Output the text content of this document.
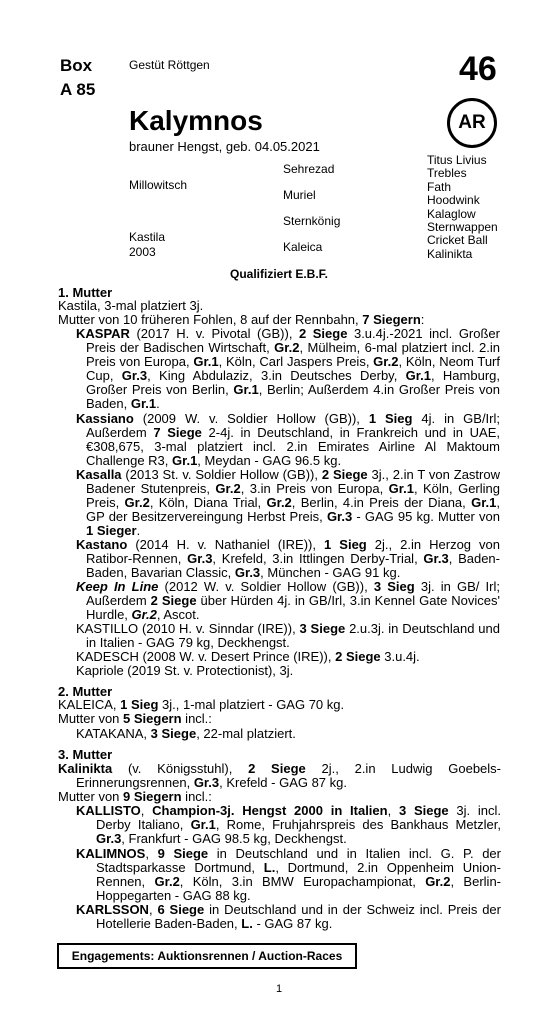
Box
A 85
Gestüt Röttgen	46
AR
Kalymnos
brauner Hengst, geb. 04.05.2021
Millowitsch
Sehrezad
Muriel
Kastila
2003
Sternkönig
Kaleica
Titus Livius
Trebles
Fath
Hoodwink
Kalaglow
Sternwappen
Cricket Ball
Kalinikta
Qualifiziert E.B.F.
1. Mutter
Kastila, 3-mal platziert 3j.
Mutter von 10 früheren Fohlen, 8 auf der Rennbahn, 7 Siegern:
KASPAR (2017 H. v. Pivotal (GB)), 2 Siege 3.u.4j.-2021 incl. Großer Preis der Badischen Wirtschaft, Gr.2, Mülheim, 6-mal platziert incl. 2.in Preis von Europa, Gr.1, Köln, Carl Jaspers Preis, Gr.2, Köln, Neom Turf Cup, Gr.3, King Abdulaziz, 3.in Deutsches Derby, Gr.1, Hamburg, Großer Preis von Berlin, Gr.1, Berlin; Außerdem 4.in Großer Preis von Baden, Gr.1.
Kassiano (2009 W. v. Soldier Hollow (GB)), 1 Sieg 4j. in GB/Irl; Außerdem 7 Siege 2-4j. in Deutschland, in Frankreich und in UAE, €308,675, 3-mal platziert incl. 2.in Emirates Airline Al Maktoum Challenge R3, Gr.1, Meydan - GAG 96.5 kg.
Kasalla (2013 St. v. Soldier Hollow (GB)), 2 Siege 3j., 2.in T von Zastrow Badener Stutenpreis, Gr.2, 3.in Preis von Europa, Gr.1, Köln, Gerling Preis, Gr.2, Köln, Diana Trial, Gr.2, Berlin, 4.in Preis der Diana, Gr.1, GP der Besitzervereingung Herbst Preis, Gr.3 - GAG 95 kg. Mutter von 1 Sieger.
Kastano (2014 H. v. Nathaniel (IRE)), 1 Sieg 2j., 2.in Herzog von Ratibor-Rennen, Gr.3, Krefeld, 3.in Ittlingen Derby-Trial, Gr.3, Baden-Baden, Bavarian Classic, Gr.3, München - GAG 91 kg.
Keep In Line (2012 W. v. Soldier Hollow (GB)), 3 Sieg 3j. in GB/ Irl; Außerdem 2 Siege über Hürden 4j. in GB/Irl, 3.in Kennel Gate Novices' Hurdle, Gr.2, Ascot.
KASTILLO (2010 H. v. Sinndar (IRE)), 3 Siege 2.u.3j. in Deutschland und in Italien - GAG 79 kg, Deckhengst.
KADESCH (2008 W. v. Desert Prince (IRE)), 2 Siege 3.u.4j.
Kapriole (2019 St. v. Protectionist), 3j.
2. Mutter
KALEICA, 1 Sieg 3j., 1-mal platziert - GAG 70 kg.
Mutter von 5 Siegern incl.:
KATAKANA, 3 Siege, 22-mal platziert.
3. Mutter
Kalinikta (v. Königsstuhl), 2 Siege 2j., 2.in Ludwig Goebels-Erinnerungsrennen, Gr.3, Krefeld - GAG 87 kg.
Mutter von 9 Siegern incl.:
KALLISTO, Champion-3j. Hengst 2000 in Italien, 3 Siege 3j. incl. Derby Italiano, Gr.1, Rome, Fruhjahrspreis des Bankhaus Metzler, Gr.3, Frankfurt - GAG 98.5 kg, Deckhengst.
KALIMNOS, 9 Siege in Deutschland und in Italien incl. G. P. der Stadtsparkasse Dortmund, L., Dortmund, 2.in Oppenheim Union-Rennen, Gr.2, Köln, 3.in BMW Europachampionat, Gr.2, Berlin-Hoppegarten - GAG 88 kg.
KARLSSON, 6 Siege in Deutschland und in der Schweiz incl. Preis der Hotellerie Baden-Baden, L. - GAG 87 kg.
Engagements: Auktionsrennen / Auction-Races
1
